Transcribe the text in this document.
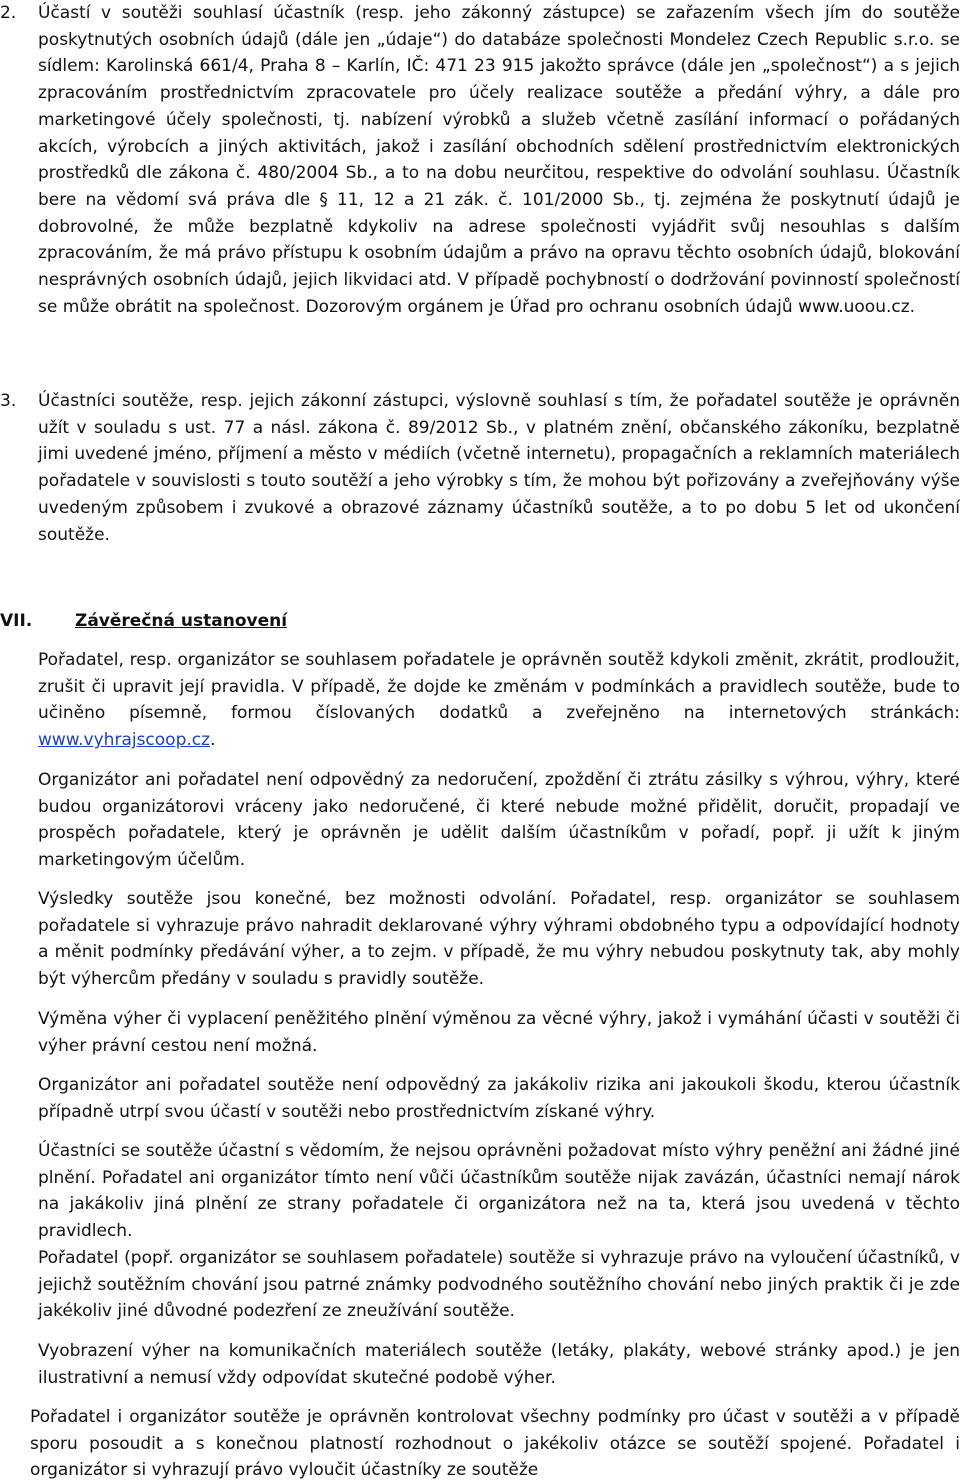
2.	Účastí v soutěži souhlasí účastník (resp. jeho zákonný zástupce) se zařazením všech jím do soutěže poskytnutých osobních údajů (dále jen „údaje“) do databáze společnosti Mondelez Czech Republic s.r.o. se sídlem: Karolinská 661/4, Praha 8 – Karlín, IČ: 471 23 915 jakožto správce (dále jen „společnost“) a s jejich zpracováním prostřednictvím zpracovatele pro účely realizace soutěže a předání výhry, a dále pro marketingové účely společnosti, tj. nabízení výrobků a služeb včetně zasílání informací o pořádaných akcích, výrobcích a jiných aktivitách, jakož i zasílání obchodních sdělení prostřednictvím elektronických prostředků dle zákona č. 480/2004 Sb., a to na dobu neurčitou, respektive do odvolání souhlasu. Účastník bere na vědomí svá práva dle § 11, 12 a 21 zák. č. 101/2000 Sb., tj. zejména že poskytnutí údajů je dobrovolné, že může bezplatně kdykoliv na adrese společnosti vyjádřit svůj nesouhlas s dalším zpracováním, že má právo přístupu k osobním údajům a právo na opravu těchto osobních údajů, blokování nesprávných osobních údajů, jejich likvidaci atd. V případě pochybností o dodržování povinností společností se může obrátit na společnost. Dozorovým orgánem je Úřad pro ochranu osobních údajů www.uoou.cz.
3.	Účastníci soutěže, resp. jejich zákonní zástupci, výslovně souhlasí s tím, že pořadatel soutěže je oprávněn užít v souladu s ust. 77 a násl. zákona č. 89/2012 Sb., v platném znění, občanského zákoníku, bezplatně jimi uvedené jméno, příjmení a město v médiích (včetně internetu), propagačních a reklamních materiálech pořadatele v souvislosti s touto soutěží a jeho výrobky s tím, že mohou být pořizovány a zveřejňovány výše uvedeným způsobem i zvukové a obrazové záznamy účastníků soutěže, a to po dobu 5 let od ukončení soutěže.
VII.	Závěrečná ustanovení
Pořadatel, resp. organizátor se souhlasem pořadatele je oprávněn soutěž kdykoli změnit, zkrátit, prodloužit, zrušit či upravit její pravidla. V případě, že dojde ke změnám v podmínkách a pravidlech soutěže, bude to učiněno písemně, formou číslovaných dodatků a zveřejněno na internetových stránkách: www.vyhrajscoop.cz.
Organizátor ani pořadatel není odpovědný za nedoručení, zpoždění či ztrátu zásilky s výhrou, výhry, které budou organizátorovi vráceny jako nedoručené, či které nebude možné přidělit, doručit, propadají ve prospěch pořadatele, který je oprávněn je udělit dalším účastníkům v pořadí, popř. ji užít k jiným marketingovým účelům.
Výsledky soutěže jsou konečné, bez možnosti odvolání. Pořadatel, resp. organizátor se souhlasem pořadatele si vyhrazuje právo nahradit deklarované výhry výhrami obdobného typu a odpovídající hodnoty a měnit podmínky předávání výher, a to zejm. v případě, že mu výhry nebudou poskytnuty tak, aby mohly být výhercům předány v souladu s pravidly soutěže.
Výměna výher či vyplacení peněžitého plnění výměnou za věcné výhry, jakož i vymáhání účasti v soutěži či výher právní cestou není možná.
Organizátor ani pořadatel soutěže není odpovědný za jakákoliv rizika ani jakoukoli škodu, kterou účastník případně utrpí svou účastí v soutěži nebo prostřednictvím získané výhry.
Účastníci se soutěže účastní s vědomím, že nejsou oprávněni požadovat místo výhry peněžní ani žádné jiné plnění. Pořadatel ani organizátor tímto není vůči účastníkům soutěže nijak zavázán, účastníci nemají nárok na jakákoliv jiná plnění ze strany pořadatele či organizátora než na ta, která jsou uvedená v těchto pravidlech.
Pořadatel (popř. organizátor se souhlasem pořadatele) soutěže si vyhrazuje právo na vyloučení účastníků, v jejichž soutěžním chování jsou patrné známky podvodného soutěžního chování nebo jiných praktik či je zde jakékoliv jiné důvodné podezření ze zneužívání soutěže.
Vyobrazení výher na komunikačních materiálech soutěže (letáky, plakáty, webové stránky apod.) je jen ilustrativní a nemusí vždy odpovídat skutečné podobě výher.
Pořadatel i organizátor soutěže je oprávněn kontrolovat všechny podmínky pro účast v soutěži a v případě sporu posoudit a s konečnou platností rozhodnout o jakékoliv otázce se soutěží spojené. Pořadatel i organizátor si vyhrazují právo vyloučit účastníky ze soutěže
